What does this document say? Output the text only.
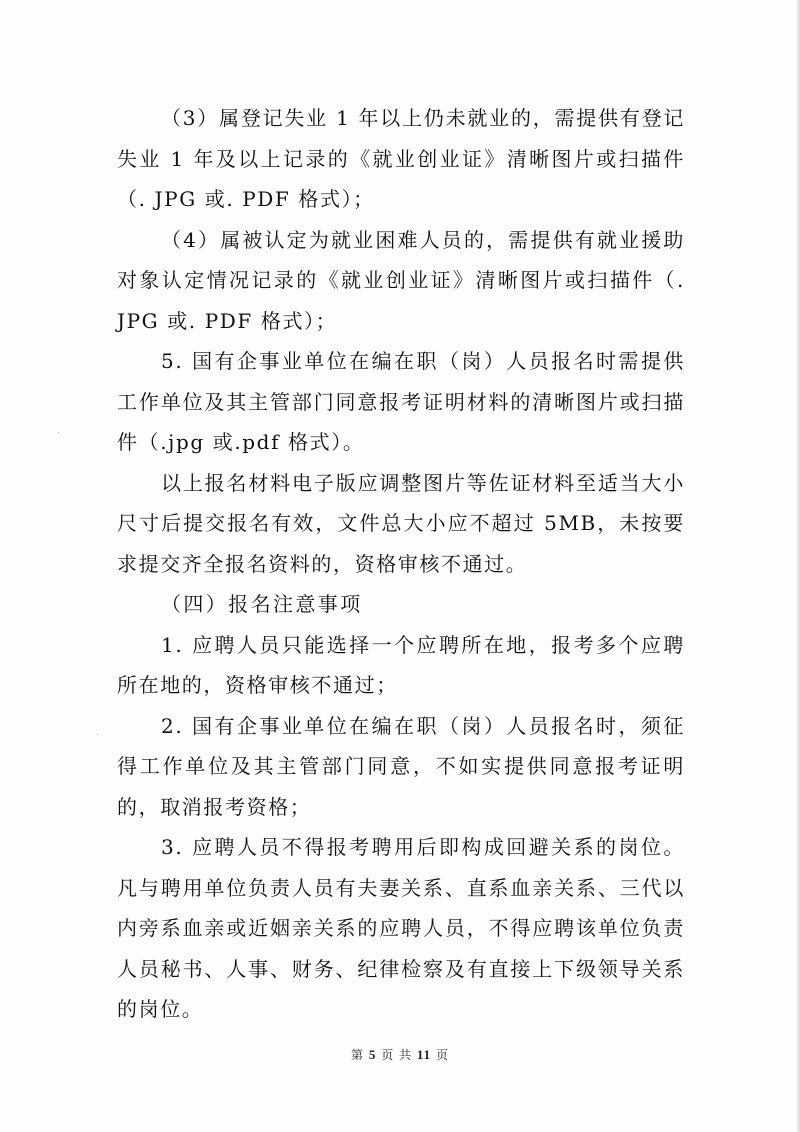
（3）属登记失业 1 年以上仍未就业的，需提供有登记失业 1 年及以上记录的《就业创业证》清晰图片或扫描件（. JPG 或. PDF 格式）；

（4）属被认定为就业困难人员的，需提供有就业援助对象认定情况记录的《就业创业证》清晰图片或扫描件（. JPG 或. PDF 格式）；

5. 国有企事业单位在编在职（岗）人员报名时需提供工作单位及其主管部门同意报考证明材料的清晰图片或扫描件（.jpg 或.pdf 格式）。

以上报名材料电子版应调整图片等佐证材料至适当大小尺寸后提交报名有效，文件总大小应不超过 5MB，未按要求提交齐全报名资料的，资格审核不通过。

（四）报名注意事项

1. 应聘人员只能选择一个应聘所在地，报考多个应聘所在地的，资格审核不通过；

2. 国有企事业单位在编在职（岗）人员报名时，须征得工作单位及其主管部门同意，不如实提供同意报考证明的，取消报考资格；

3. 应聘人员不得报考聘用后即构成回避关系的岗位。凡与聘用单位负责人员有夫妻关系、直系血亲关系、三代以内旁系血亲或近姻亲关系的应聘人员，不得应聘该单位负责人员秘书、人事、财务、纪律检察及有直接上下级领导关系的岗位。

第 5 页 共 11 页
